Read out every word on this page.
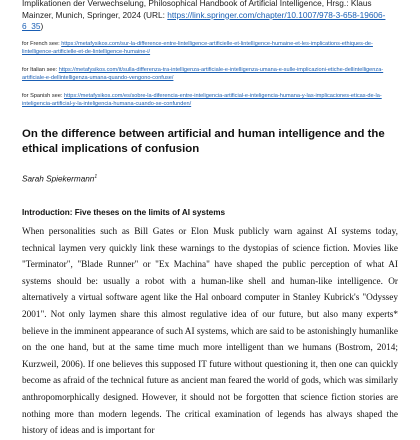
Implikationen der Verwechselung, Philosophical Handbook of Artificial Intelligence, Hrsg.: Klaus Mainzer, Munich, Springer, 2024 (URL: https://link.springer.com/chapter/10.1007/978-3-658-19606-6_35)
for French see: https://metafysikos.com/sur-la-difference-entre-lintelligence-artificielle-et-lintelligence-humaine-et-les-implications-ethiques-de-lintelligence-artificielle-et-de-lintelligence-humaine-i/
for Italian see: https://metafysikos.com/it/sulla-differenza-tra-intelligenza-artificiale-e-intelligenza-umana-e-sulle-implicazioni-etiche-dellintelligenza-artificiale-e-dellintelligenza-umana-quando-vengono-confuse/
for Spanish see: https://metafysikos.com/es/sobre-la-diferencia-entre-inteligencia-artificial-e-inteligencia-humana-y-las-implicaciones-eticas-de-la-inteligencia-artificial-y-la-inteligencia-humana-cuando-se-confunden/
On the difference between artificial and human intelligence and the ethical implications of confusion
Sarah Spiekermann$^1$
Introduction: Five theses on the limits of AI systems
When personalities such as Bill Gates or Elon Musk publicly warn against AI systems today, technical laymen very quickly link these warnings to the dystopias of science fiction. Movies like "Terminator", "Blade Runner" or "Ex Machina" have shaped the public perception of what AI systems should be: usually a robot with a human-like shell and human-like intelligence. Or alternatively a virtual software agent like the Hal onboard computer in Stanley Kubrick's "Odyssey 2001". Not only laymen share this almost regulative idea of our future, but also many experts* believe in the imminent appearance of such AI systems, which are said to be astonishingly humanlike on the one hand, but at the same time much more intelligent than we humans (Bostrom, 2014; Kurzweil, 2006). If one believes this supposed IT future without questioning it, then one can quickly become as afraid of the technical future as ancient man feared the world of gods, which was similarly anthropomorphically designed. However, it should not be forgotten that science fiction stories are nothing more than modern legends. The critical examination of legends has always shaped the history of ideas and is important for
